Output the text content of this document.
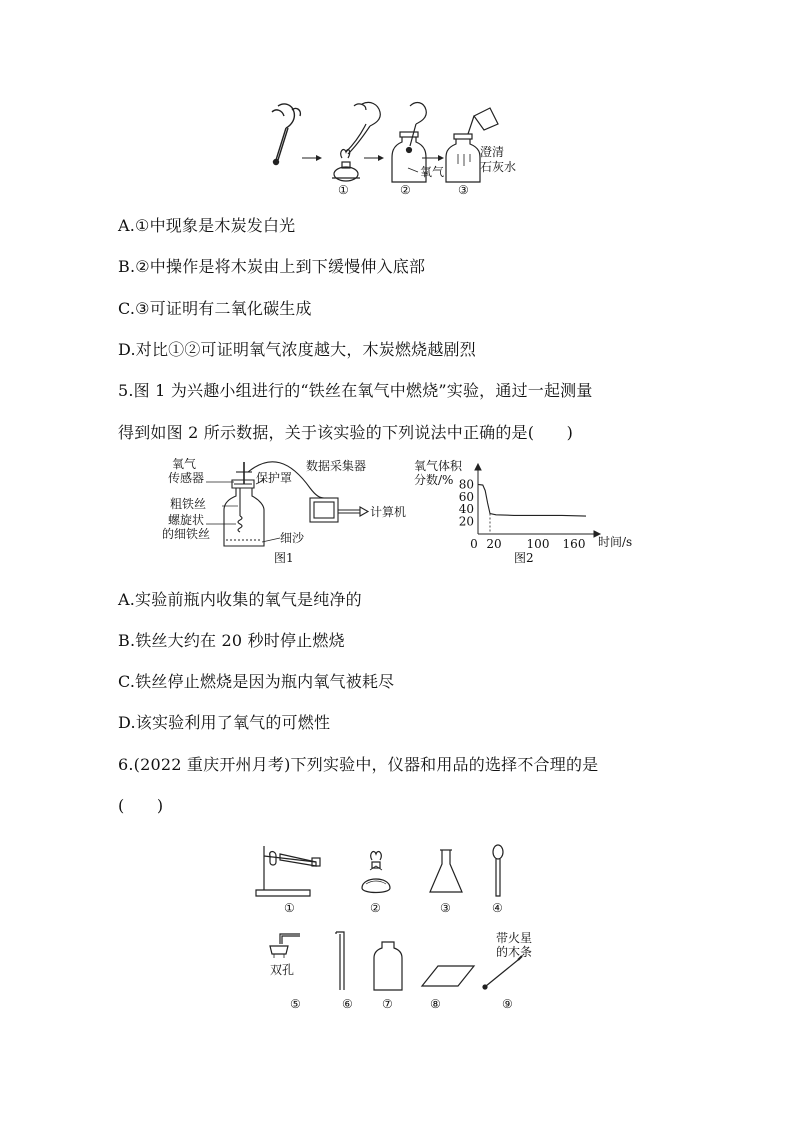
氧气
澄清
石灰水
①	②	③
A.①中现象是木炭发白光
B.②中操作是将木炭由上到下缓慢伸入底部
C.③可证明有二氧化碳生成
D.对比①②可证明氧气浓度越大，木炭燃烧越剧烈
5.图 1 为兴趣小组进行的“铁丝在氧气中燃烧”实验，通过一起测量
得到如图 2 所示数据，关于该实验的下列说法中正确的是(　　)
氧气
传感器	保护罩
数据采集器
粗铁丝
螺旋状
的细铁丝
计算机
细沙
图1
氧气体积
分数/%
时间/s
图2
20
40
60
80
0 20 100 160
A.实验前瓶内收集的氧气是纯净的
B.铁丝大约在 20 秒时停止燃烧
C.铁丝停止燃烧是因为瓶内氧气被耗尽
D.该实验利用了氧气的可燃性
6.(2022 重庆开州月考)下列实验中，仪器和用品的选择不合理的是
(　　)
①	②	③	④
双孔
带火星
的木条
⑤	⑥ ⑦	⑧	⑨
